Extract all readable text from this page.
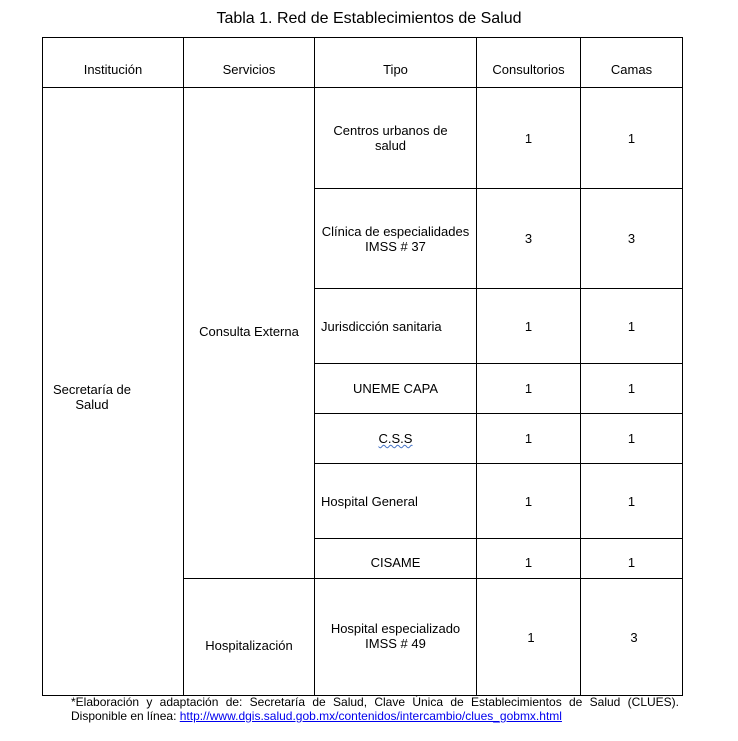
Tabla 1. Red de Establecimientos de Salud
Institución	Servicios	Tipo	Consultorios	Camas
Secretaría de Salud	Consulta Externa	Centros urbanos de salud	1	1
		Clínica de especialidades IMSS # 37	3	3
		Jurisdicción sanitaria	1	1
		UNEME CAPA	1	1
		C.S.S	1	1
		Hospital General	1	1
		CISAME	1	1
	Hospitalización	Hospital especializado IMSS # 49	1	3
*Elaboración y adaptación de: Secretaría de Salud, Clave Única de Establecimientos de Salud (CLUES).
Disponible en línea: http://www.dgis.salud.gob.mx/contenidos/intercambio/clues_gobmx.html
